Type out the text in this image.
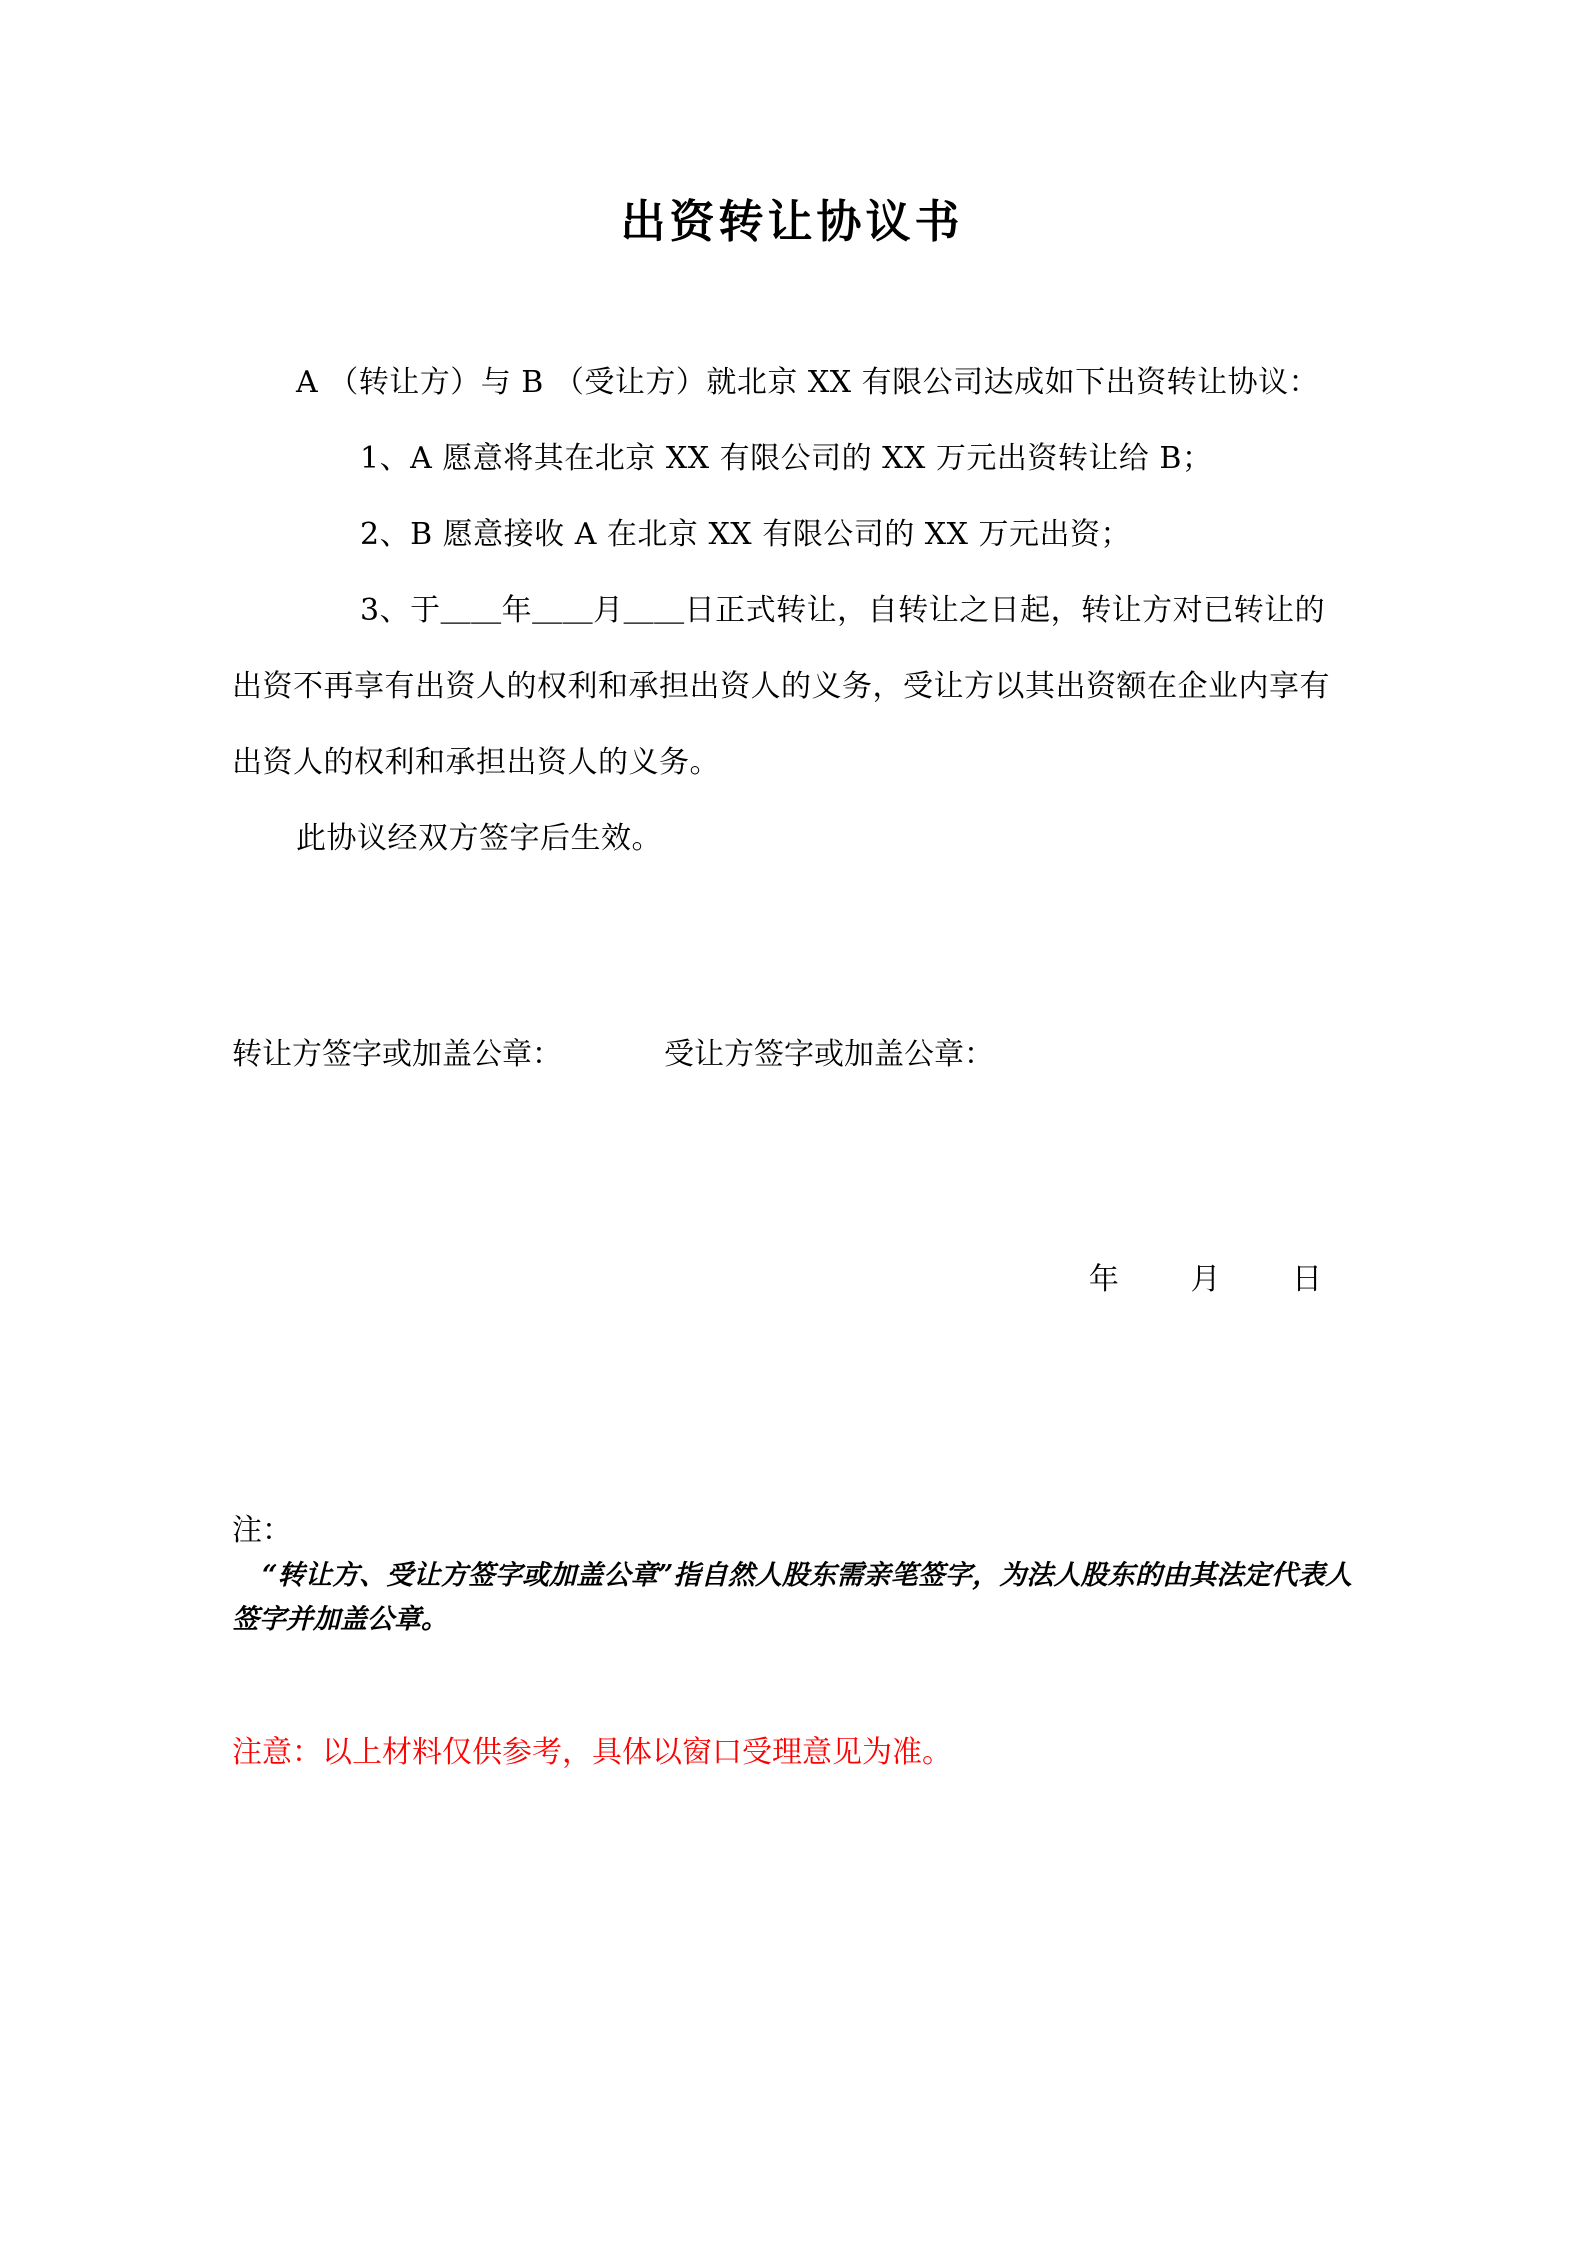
出资转让协议书

A （转让方）与 B （受让方）就北京 XX 有限公司达成如下出资转让协议：

1、A 愿意将其在北京 XX 有限公司的 XX 万元出资转让给 B；

2、B 愿意接收 A 在北京 XX 有限公司的 XX 万元出资；

3、于＿＿年＿＿月＿＿日正式转让，自转让之日起，转让方对已转让的出资不再享有出资人的权利和承担出资人的义务，受让方以其出资额在企业内享有出资人的权利和承担出资人的义务。

此协议经双方签字后生效。

转让方签字或加盖公章：	受让方签字或加盖公章：
年 月 日

注：

“转让方、受让方签字或加盖公章”指自然人股东需亲笔签字，为法人股东的由其法定代表人签字并加盖公章。

注意：以上材料仅供参考，具体以窗口受理意见为准。
